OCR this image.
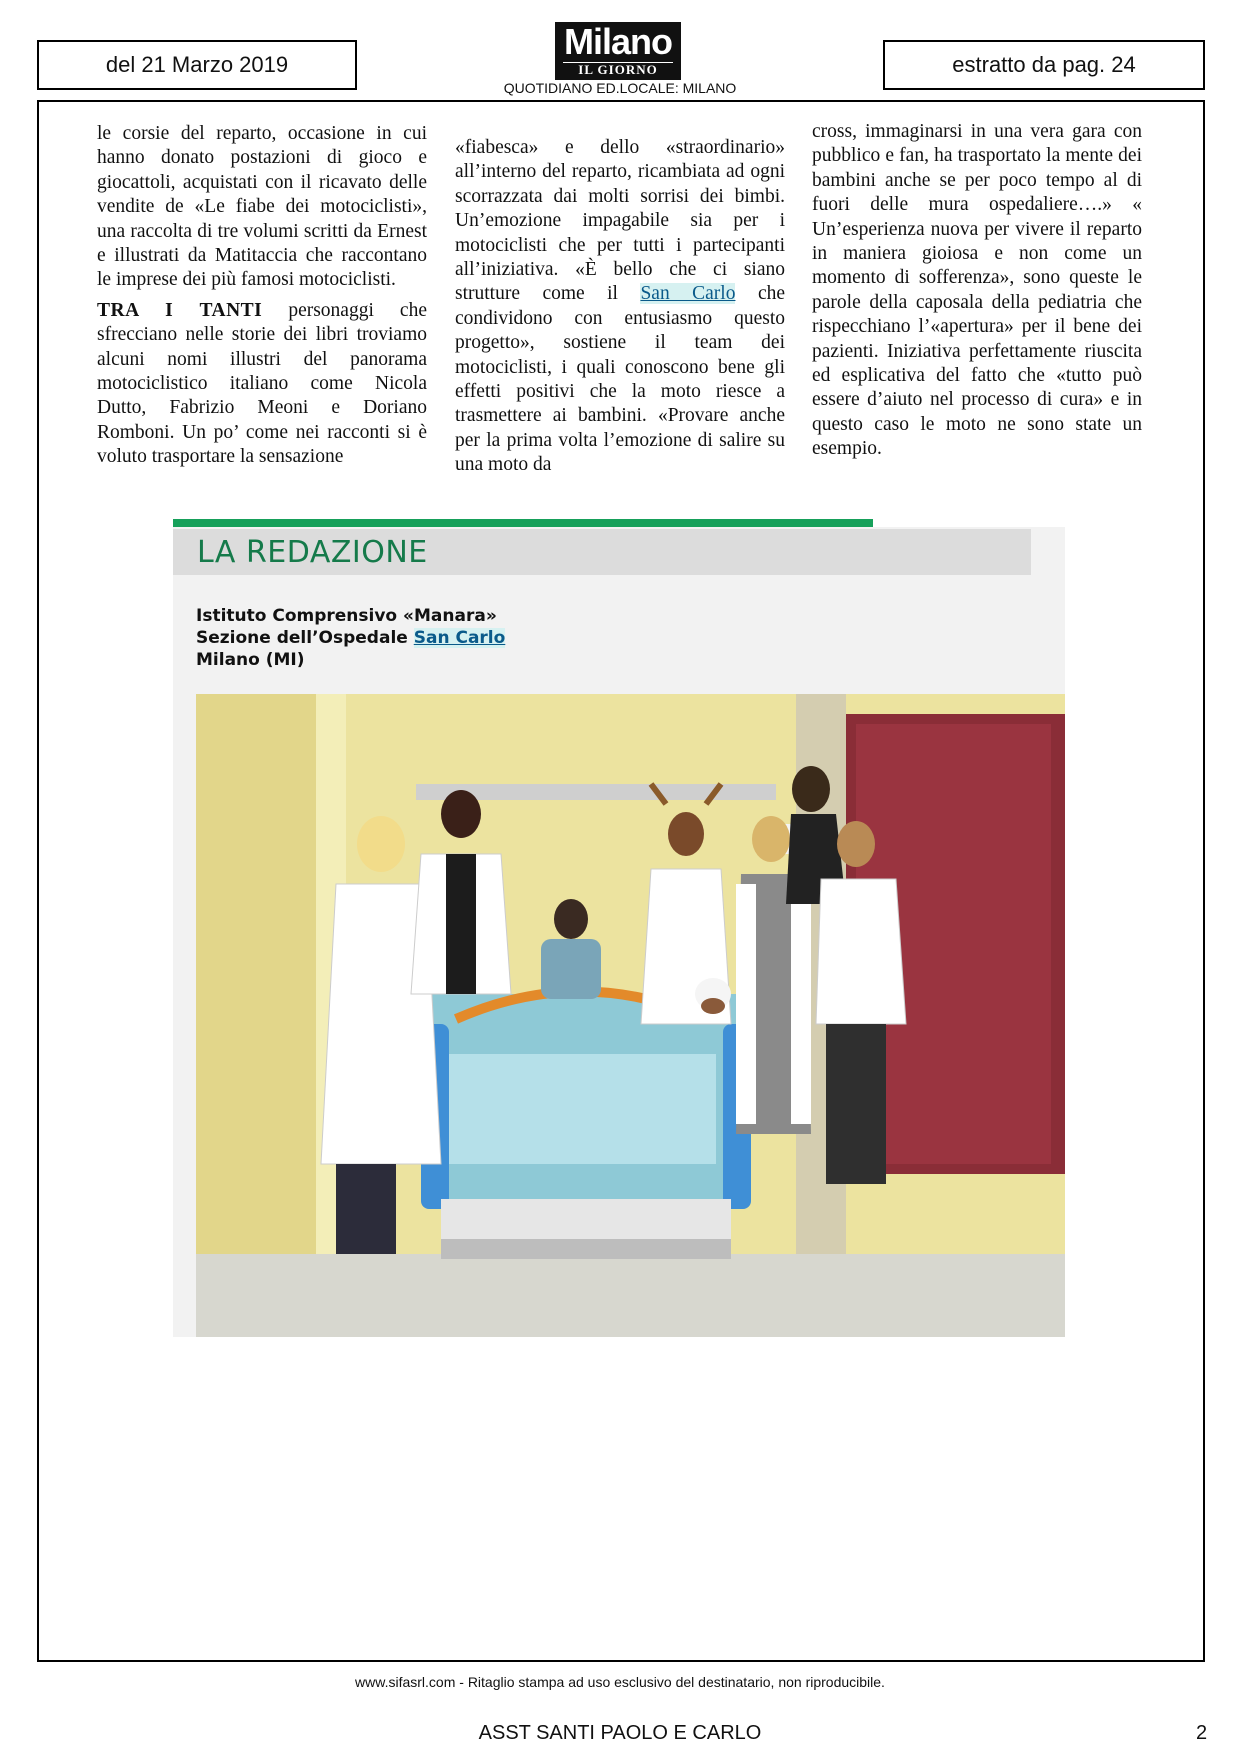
del 21 Marzo 2019
Milano
IL GIORNO
QUOTIDIANO ED.LOCALE: MILANO
estratto da pag. 24

le corsie del reparto, occasione in cui hanno donato postazioni di gioco e giocattoli, acquistati con il ricavato delle vendite de «Le fiabe dei motociclisti», una raccolta di tre volumi scritti da Ernest e illustrati da Matitaccia che raccontano le imprese dei più famosi motociclisti.

TRA I TANTI personaggi che sfrecciano nelle storie dei libri troviamo alcuni nomi illustri del panorama motociclistico italiano come Nicola Dutto, Fabrizio Meoni e Doriano Romboni. Un po’ come nei racconti si è voluto trasportare la sensazione

«fiabesca» e dello «straordinario» all’interno del reparto, ricambiata ad ogni scorrazzata dai molti sorrisi dei bimbi. Un’emozione impagabile sia per i motociclisti che per tutti i partecipanti all’iniziativa. «È bello che ci siano strutture come il San Carlo che condividono con entusiasmo questo progetto», sostiene il team dei motociclisti, i quali conoscono bene gli effetti positivi che la moto riesce a trasmettere ai bambini. «Provare anche per la prima volta l’emozione di salire su una moto da

cross, immaginarsi in una vera gara con pubblico e fan, ha trasportato la mente dei bambini anche se per poco tempo al di fuori delle mura ospedaliere….» « Un’esperienza nuova per vivere il reparto in maniera gioiosa e non come un momento di sofferenza», sono queste le parole della caposala della pediatria che rispecchiano l’«apertura» per il bene dei pazienti. Iniziativa perfettamente riuscita ed esplicativa del fatto che «tutto può essere d’aiuto nel processo di cura» e in questo caso le moto ne sono state un esempio.

LA REDAZIONE
Istituto Comprensivo «Manara»
Sezione dell’Ospedale San Carlo
Milano (MI)
www.sifasrl.com - Ritaglio stampa ad uso esclusivo del destinatario, non riproducibile.
ASST SANTI PAOLO E CARLO	2
